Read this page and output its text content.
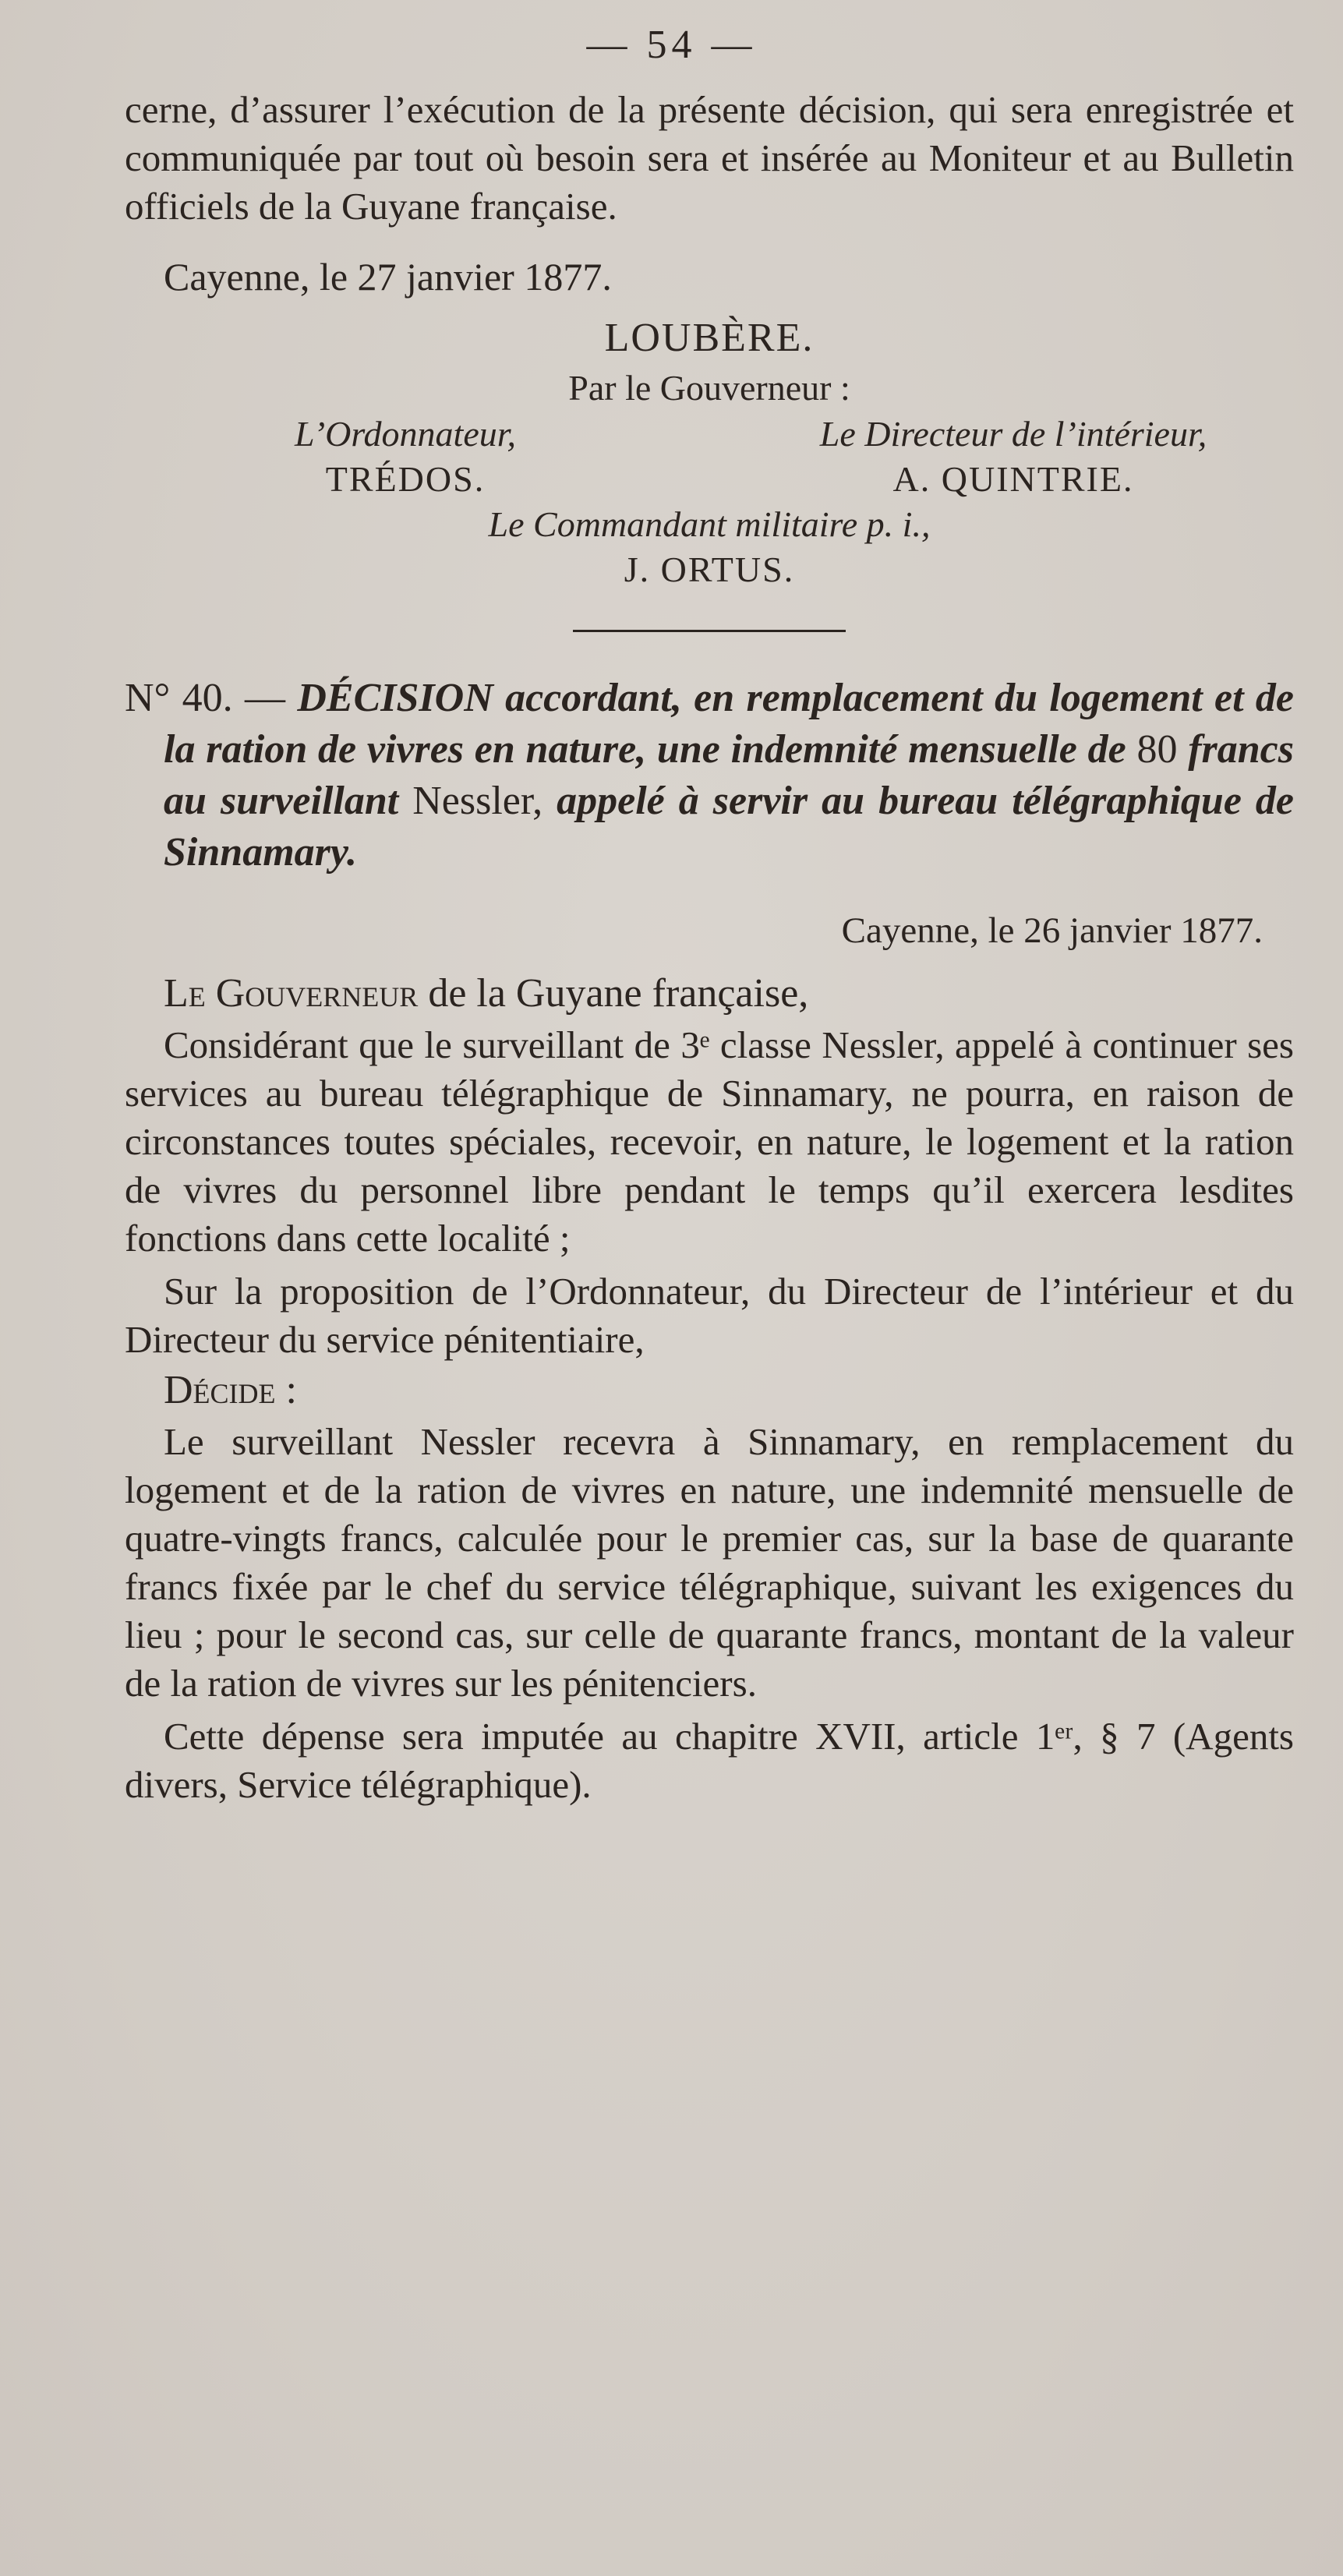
— 54 —

cerne, d’assurer l’exécution de la présente décision, qui sera enregistrée et communiquée par tout où besoin sera et insérée au Moniteur et au Bulletin officiels de la Guyane française.

Cayenne, le 27 janvier 1877.
LOUBÈRE.
Par le Gouverneur :
L’Ordonnateur,
TRÉDOS.
Le Directeur de l’intérieur,
A. QUINTRIE.
Le Commandant militaire p. i.,
J. ORTUS.

N° 40. — DÉCISION accordant, en remplacement du logement et de la ration de vivres en nature, une indemnité mensuelle de 80 francs au surveillant Nessler, appelé à servir au bureau télégraphique de Sinnamary.

Cayenne, le 26 janvier 1877.
Le Gouverneur de la Guyane française,

Considérant que le surveillant de 3ᵉ classe Nessler, appelé à continuer ses services au bureau télégraphique de Sinnamary, ne pourra, en raison de circonstances toutes spéciales, recevoir, en nature, le logement et la ration de vivres du personnel libre pendant le temps qu’il exercera lesdites fonctions dans cette localité ;

Sur la proposition de l’Ordonnateur, du Directeur de l’intérieur et du Directeur du service pénitentiaire,

Décide :

Le surveillant Nessler recevra à Sinnamary, en remplacement du logement et de la ration de vivres en nature, une indemnité mensuelle de quatre-vingts francs, calculée pour le premier cas, sur la base de quarante francs fixée par le chef du service télégraphique, suivant les exigences du lieu ; pour le second cas, sur celle de quarante francs, montant de la valeur de la ration de vivres sur les pénitenciers.

Cette dépense sera imputée au chapitre XVII, article 1ᵉʳ, § 7 (Agents divers, Service télégraphique).
